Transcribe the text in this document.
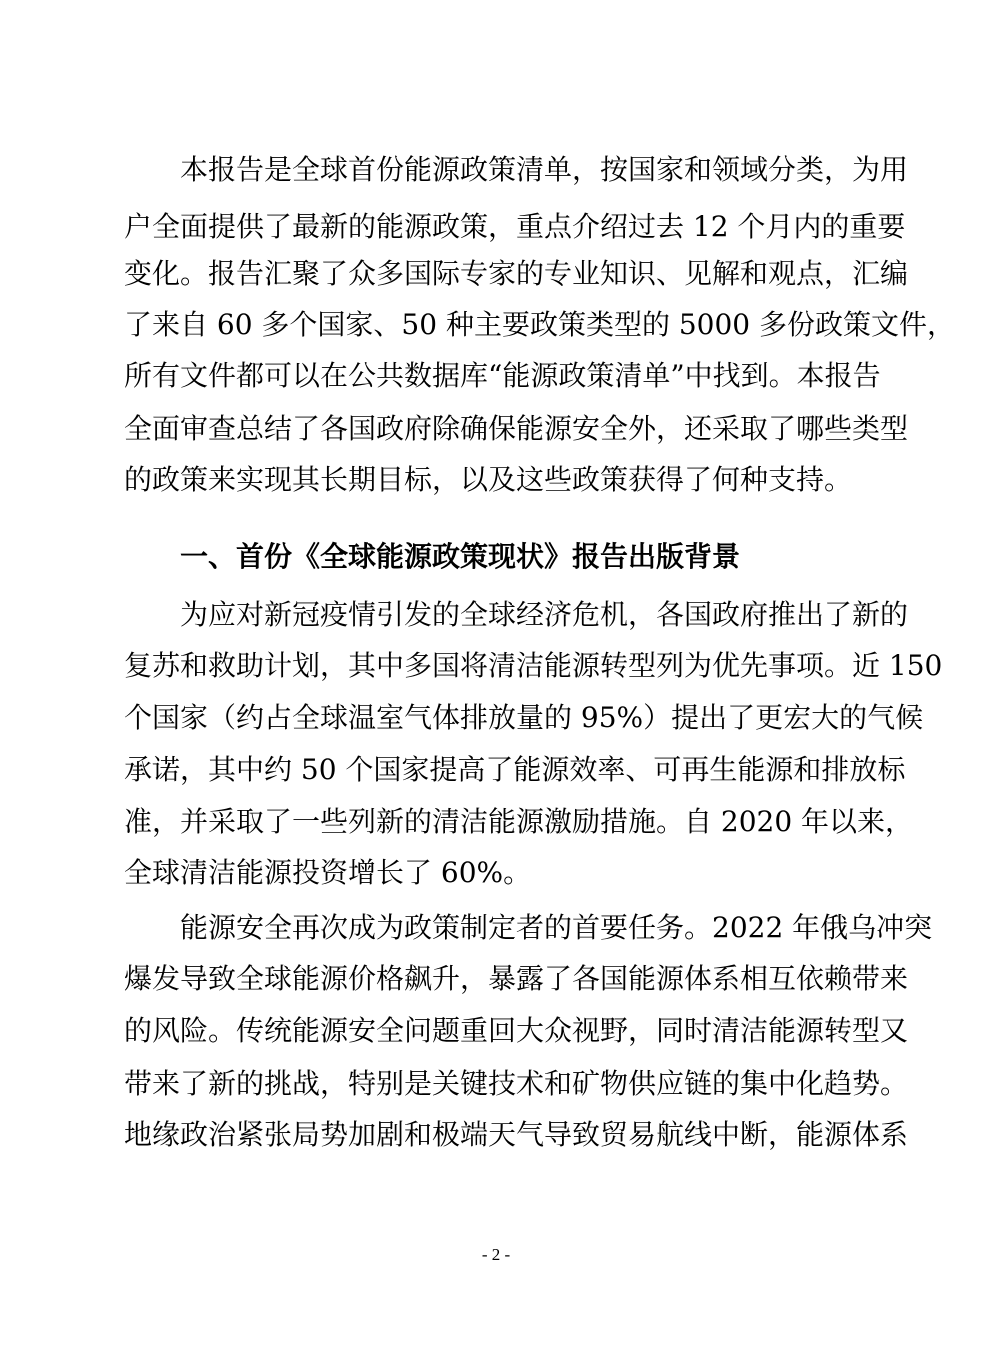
本报告是全球首份能源政策清单，按国家和领域分类，为用
户全面提供了最新的能源政策，重点介绍过去 12 个月内的重要
变化。报告汇聚了众多国际专家的专业知识、见解和观点，汇编
了来自 60 多个国家、50 种主要政策类型的 5000 多份政策文件，
所有文件都可以在公共数据库“能源政策清单”中找到。本报告
全面审查总结了各国政府除确保能源安全外，还采取了哪些类型
的政策来实现其长期目标，以及这些政策获得了何种支持。
一、首份《全球能源政策现状》报告出版背景
为应对新冠疫情引发的全球经济危机，各国政府推出了新的
复苏和救助计划，其中多国将清洁能源转型列为优先事项。近 150
个国家（约占全球温室气体排放量的 95%）提出了更宏大的气候
承诺，其中约 50 个国家提高了能源效率、可再生能源和排放标
准，并采取了一些列新的清洁能源激励措施。自 2020 年以来，
全球清洁能源投资增长了 60%。
能源安全再次成为政策制定者的首要任务。2022 年俄乌冲突
爆发导致全球能源价格飙升，暴露了各国能源体系相互依赖带来
的风险。传统能源安全问题重回大众视野，同时清洁能源转型又
带来了新的挑战，特别是关键技术和矿物供应链的集中化趋势。
地缘政治紧张局势加剧和极端天气导致贸易航线中断，能源体系
- 2 -
